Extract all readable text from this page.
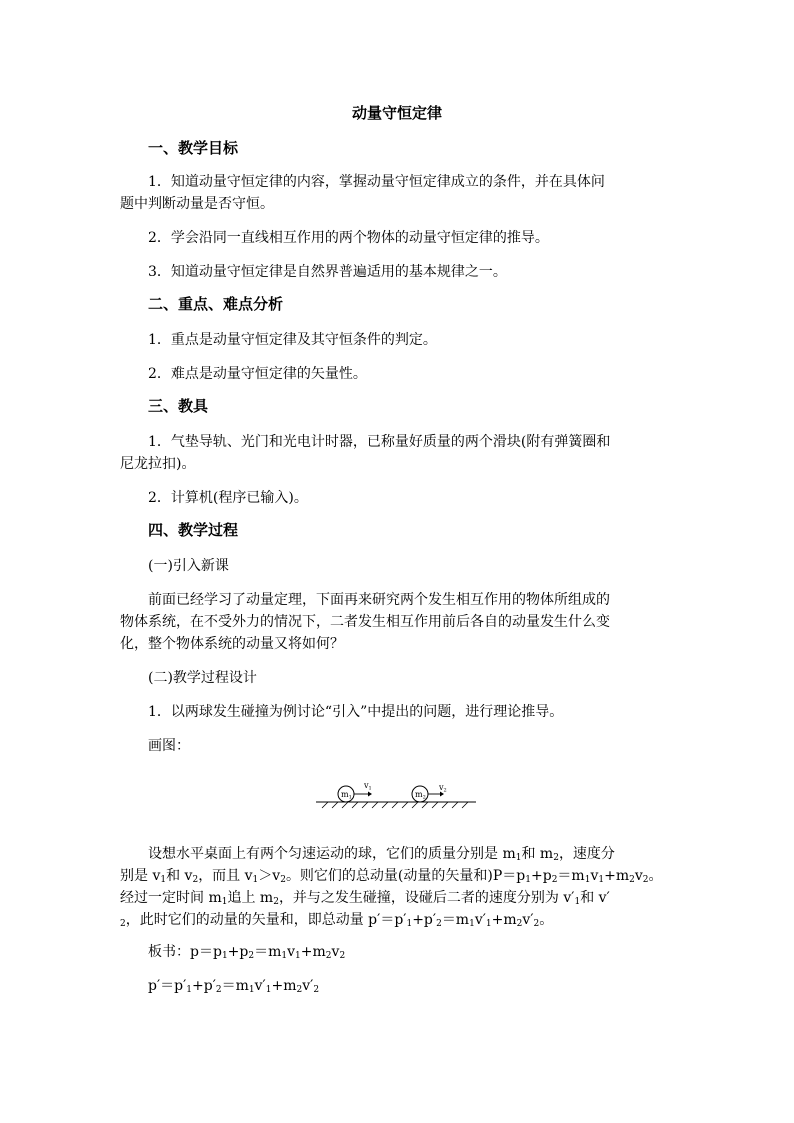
动量守恒定律
一、教学目标
1．知道动量守恒定律的内容，掌握动量守恒定律成立的条件，并在具体问
题中判断动量是否守恒。
2．学会沿同一直线相互作用的两个物体的动量守恒定律的推导。
3．知道动量守恒定律是自然界普遍适用的基本规律之一。
二、重点、难点分析
1．重点是动量守恒定律及其守恒条件的判定。
2．难点是动量守恒定律的矢量性。
三、教具
1．气垫导轨、光门和光电计时器，已称量好质量的两个滑块(附有弹簧圈和
尼龙拉扣)。
2．计算机(程序已输入)。
四、教学过程
(一)引入新课
前面已经学习了动量定理，下面再来研究两个发生相互作用的物体所组成的
物体系统，在不受外力的情况下，二者发生相互作用前后各自的动量发生什么变
化，整个物体系统的动量又将如何？
(二)教学过程设计
1．以两球发生碰撞为例讨论“引入”中提出的问题，进行理论推导。
画图：
m1
v1
m2
v2
设想水平桌面上有两个匀速运动的球，它们的质量分别是 $m_1$和 $m_2$，速度分
别是 $v_1$和 $v_2$，而且 $v_1>v_2$。则它们的总动量(动量的矢量和)$P=p_1+p_2=m_1v_1+m_2v_2$。
经过一定时间 $m_1$追上 $m_2$，并与之发生碰撞，设碰后二者的速度分别为 $v'_1$和 v′
$_2$，此时它们的动量的矢量和，即总动量 $p'=p'_1+p'_2=m_1v'_1+m_2v'_2$。
板书：$p=p_1+p_2=m_1v_1+m_2v_2$
$p'=p'_1+p'_2=m_1v'_1+m_2v'_2$
